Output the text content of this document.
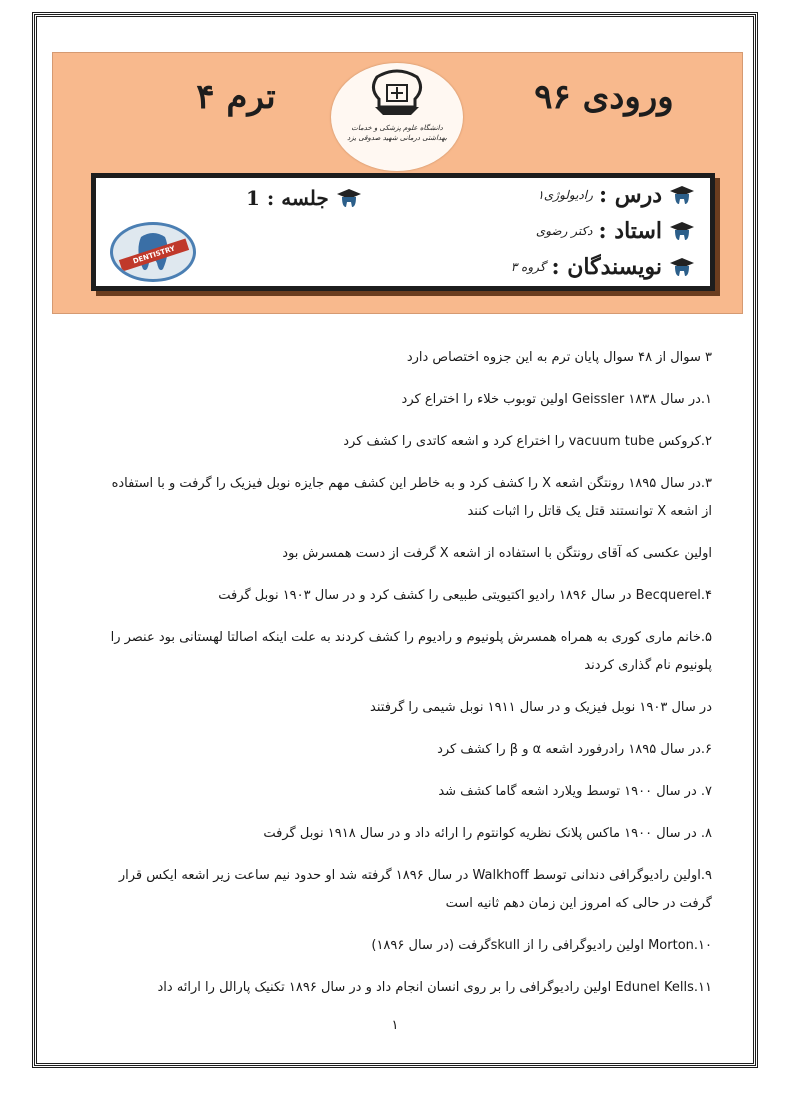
ورودی ۹۶
ترم ۴
دانشگاه علوم پزشکی و خدمات بهداشتی درمانی شهید صدوقی یزد
درس :
رادیولوژی۱
استاد :
دکتر رضوی
نویسندگان :
گروه ۳
جلسه : 1
DENTISTRY

۳ سوال از ۴۸ سوال پایان ترم به این جزوه اختصاص دارد

۱.در سال ۱۸۳۸ Geissler اولین توبوب خلاء را اختراع کرد

۲.کروکس vacuum tube را اختراع کرد و اشعه کاتدی را کشف کرد

۳.در سال ۱۸۹۵ رونتگن اشعه X را کشف کرد و به خاطر این کشف مهم جایزه نوبل فیزیک را گرفت و با استفاده از اشعه X توانستند قتل یک قاتل را اثبات کنند

اولین عکسی که آقای رونتگن با استفاده از اشعه X گرفت از دست همسرش بود

Becquerel.۴ در سال ۱۸۹۶ رادیو اکتیویتی طبیعی را کشف کرد و در سال ۱۹۰۳ نوبل گرفت

۵.خانم ماری کوری به همراه همسرش پلونیوم و رادیوم را کشف کردند به علت اینکه اصالتا لهستانی بود عنصر را پلونیوم نام گذاری کردند

در سال ۱۹۰۳ نوبل فیزیک و در سال ۱۹۱۱ نوبل شیمی را گرفتند

۶.در سال ۱۸۹۵ رادرفورد اشعه α و β را کشف کرد

۷. در سال ۱۹۰۰ توسط ویلارد اشعه گاما کشف شد

۸. در سال ۱۹۰۰ ماکس پلانک نظریه کوانتوم را ارائه داد و در سال ۱۹۱۸ نوبل گرفت

۹.اولین رادیوگرافی دندانی توسط Walkhoff در سال ۱۸۹۶ گرفته شد او حدود نیم ساعت زیر اشعه ایکس قرار گرفت در حالی که امروز این زمان دهم ثانیه است

Morton.۱۰ اولین رادیوگرافی را از skullگرفت (در سال ۱۸۹۶)

Edunel Kells.۱۱ اولین رادیوگرافی را بر روی انسان انجام داد و در سال ۱۸۹۶ تکنیک پارالل را ارائه داد

۱
